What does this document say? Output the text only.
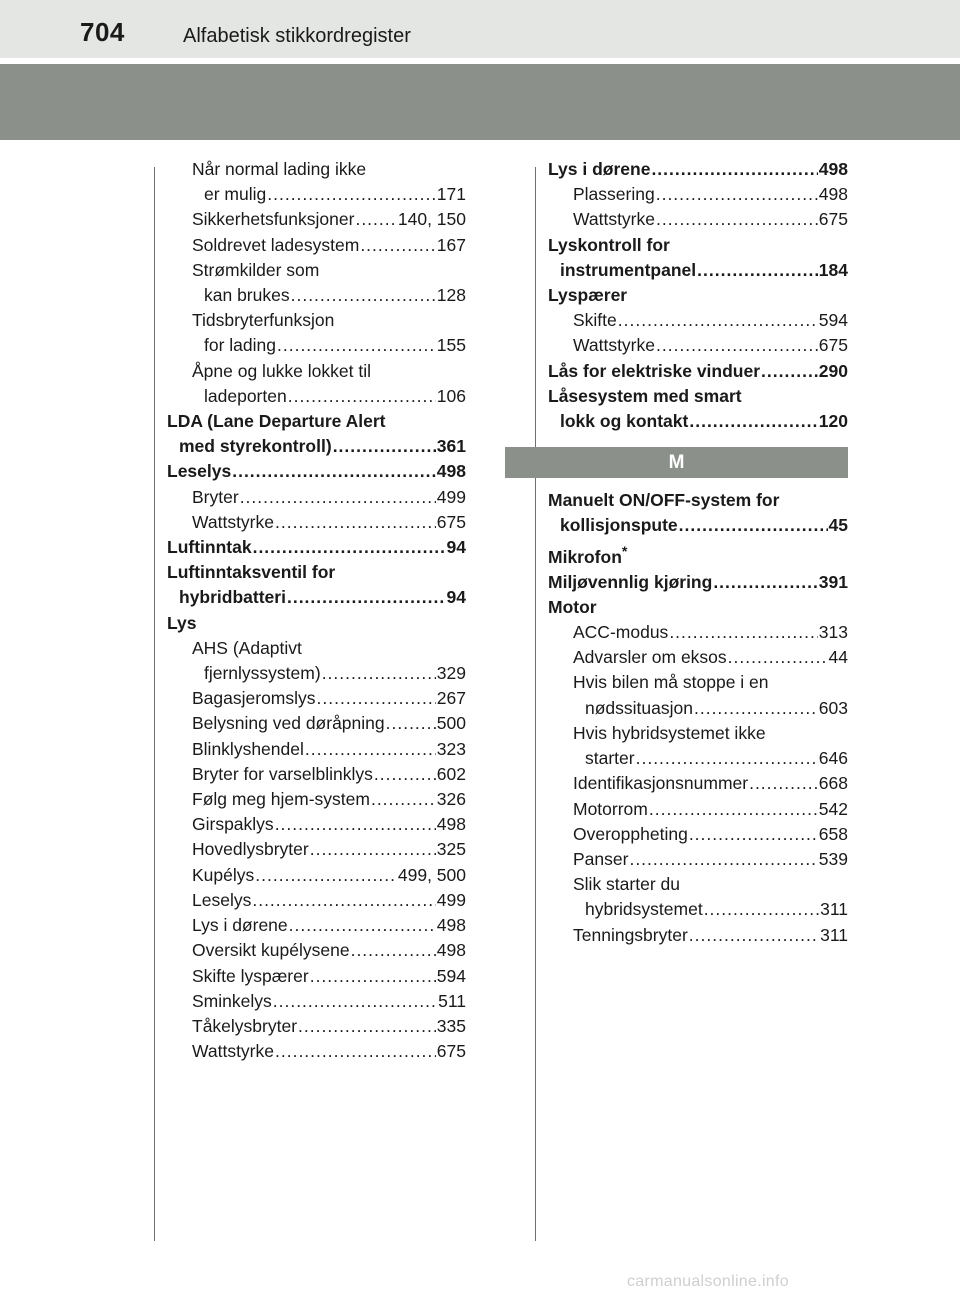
704	Alfabetisk stikkordregister
Når normal lading ikke
er mulig .....	171
Sikkerhetsfunksjoner ..... 140, 150
Soldrevet ladesystem .....	167
Strømkilder som
kan brukes .....	128
Tidsbryterfunksjon
for lading .....	155
Åpne og lukke lokket til
ladeporten .....	106
LDA (Lane Departure Alert
med styrekontroll) .....	361
Leselys .....	498
Bryter .....	499
Wattstyrke .....	675
Luftinntak .....	94
Luftinntaksventil for
hybridbatteri .....	94
Lys
AHS (Adaptivt
fjernlyssystem) .....	329
Bagasjeromslys .....	267
Belysning ved døråpning .....	500
Blinklyshendel .....	323
Bryter for varselblinklys .....	602
Følg meg hjem-system .....	326
Girspaklys .....	498
Hovedlysbryter .....	325
Kupélys .....	499, 500
Leselys .....	499
Lys i dørene .....	498
Oversikt kupélysene .....	498
Skifte lyspærer .....	594
Sminkelys .....	511
Tåkelysbryter .....	335
Wattstyrke .....	675
Lys i dørene .....	498
Plassering .....	498
Wattstyrke .....	675
Lyskontroll for
instrumentpanel .....	184
Lyspærer
Skifte .....	594
Wattstyrke .....	675
Lås for elektriske vinduer .....	290
Låsesystem med smart
lokk og kontakt .....	120
M
Manuelt ON/OFF-system for
kollisjonspute .....	45
Mikrofon*
Miljøvennlig kjøring .....	391
Motor
ACC-modus .....	313
Advarsler om eksos .....	44
Hvis bilen må stoppe i en
nødssituasjon .....	603
Hvis hybridsystemet ikke
starter .....	646
Identifikasjonsnummer .....	668
Motorrom .....	542
Overoppheting .....	658
Panser .....	539
Slik starter du
hybridsystemet .....	311
Tenningsbryter .....	311
carmanualsonline.info
